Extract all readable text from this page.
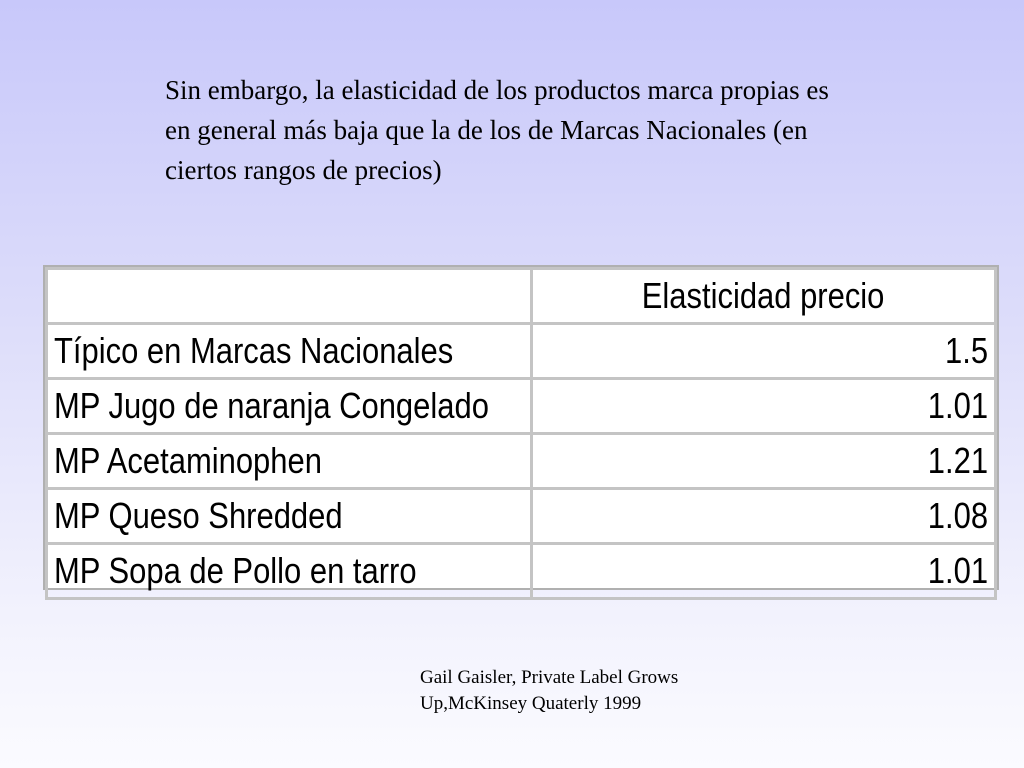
Sin embargo, la elasticidad de los productos marca propias es
en general más baja que la de los de Marcas Nacionales (en
ciertos rangos de precios)

	Elasticidad precio
Típico en Marcas Nacionales	1.5
MP Jugo de naranja Congelado	1.01
MP Acetaminophen	1.21
MP Queso Shredded	1.08
MP Sopa de Pollo en tarro	1.01
Gail Gaisler, Private Label Grows
Up,McKinsey Quaterly 1999
